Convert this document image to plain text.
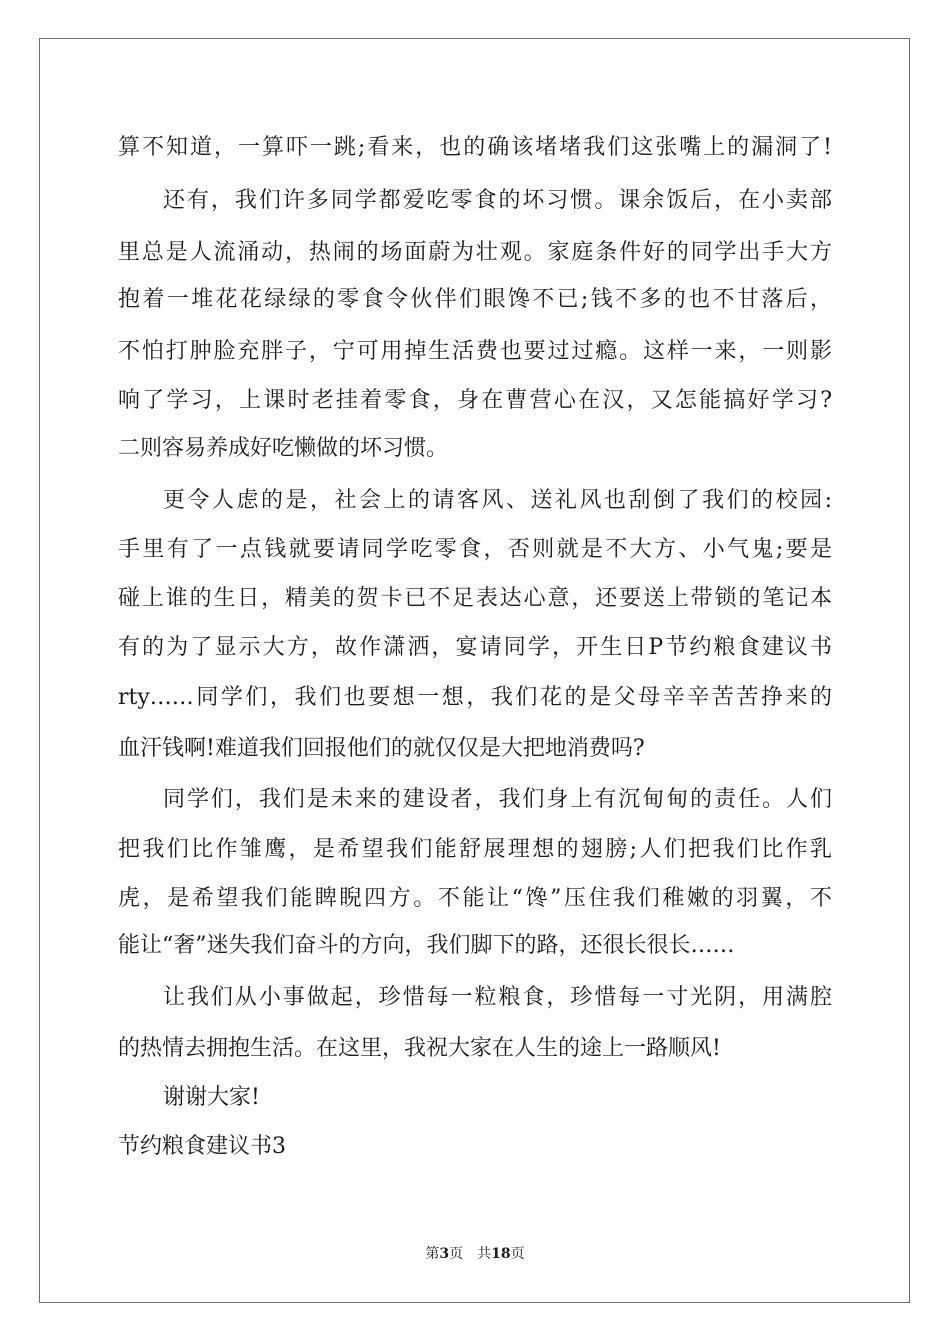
算不知道，一算吓一跳;看来，也的确该堵堵我们这张嘴上的漏洞了!

还有，我们许多同学都爱吃零食的坏习惯。课余饭后，在小卖部

里总是人流涌动，热闹的场面蔚为壮观。家庭条件好的同学出手大方

抱着一堆花花绿绿的零食令伙伴们眼馋不已;钱不多的也不甘落后，

不怕打肿脸充胖子，宁可用掉生活费也要过过瘾。这样一来，一则影

响了学习，上课时老挂着零食，身在曹营心在汉，又怎能搞好学习?

二则容易养成好吃懒做的坏习惯。

更令人虑的是，社会上的请客风、送礼风也刮倒了我们的校园:

手里有了一点钱就要请同学吃零食，否则就是不大方、小气鬼;要是

碰上谁的生日，精美的贺卡已不足表达心意，还要送上带锁的笔记本

有的为了显示大方，故作潇洒，宴请同学，开生日P节约粮食建议书

rty……同学们，我们也要想一想，我们花的是父母辛辛苦苦挣来的

血汗钱啊!难道我们回报他们的就仅仅是大把地消费吗?

同学们，我们是未来的建设者，我们身上有沉甸甸的责任。人们

把我们比作雏鹰，是希望我们能舒展理想的翅膀;人们把我们比作乳

虎，是希望我们能睥睨四方。不能让“馋”压住我们稚嫩的羽翼，不

能让“奢”迷失我们奋斗的方向，我们脚下的路，还很长很长……

让我们从小事做起，珍惜每一粒粮食，珍惜每一寸光阴，用满腔

的热情去拥抱生活。在这里，我祝大家在人生的途上一路顺风!

谢谢大家!

节约粮食建议书3

第3页　共18页
